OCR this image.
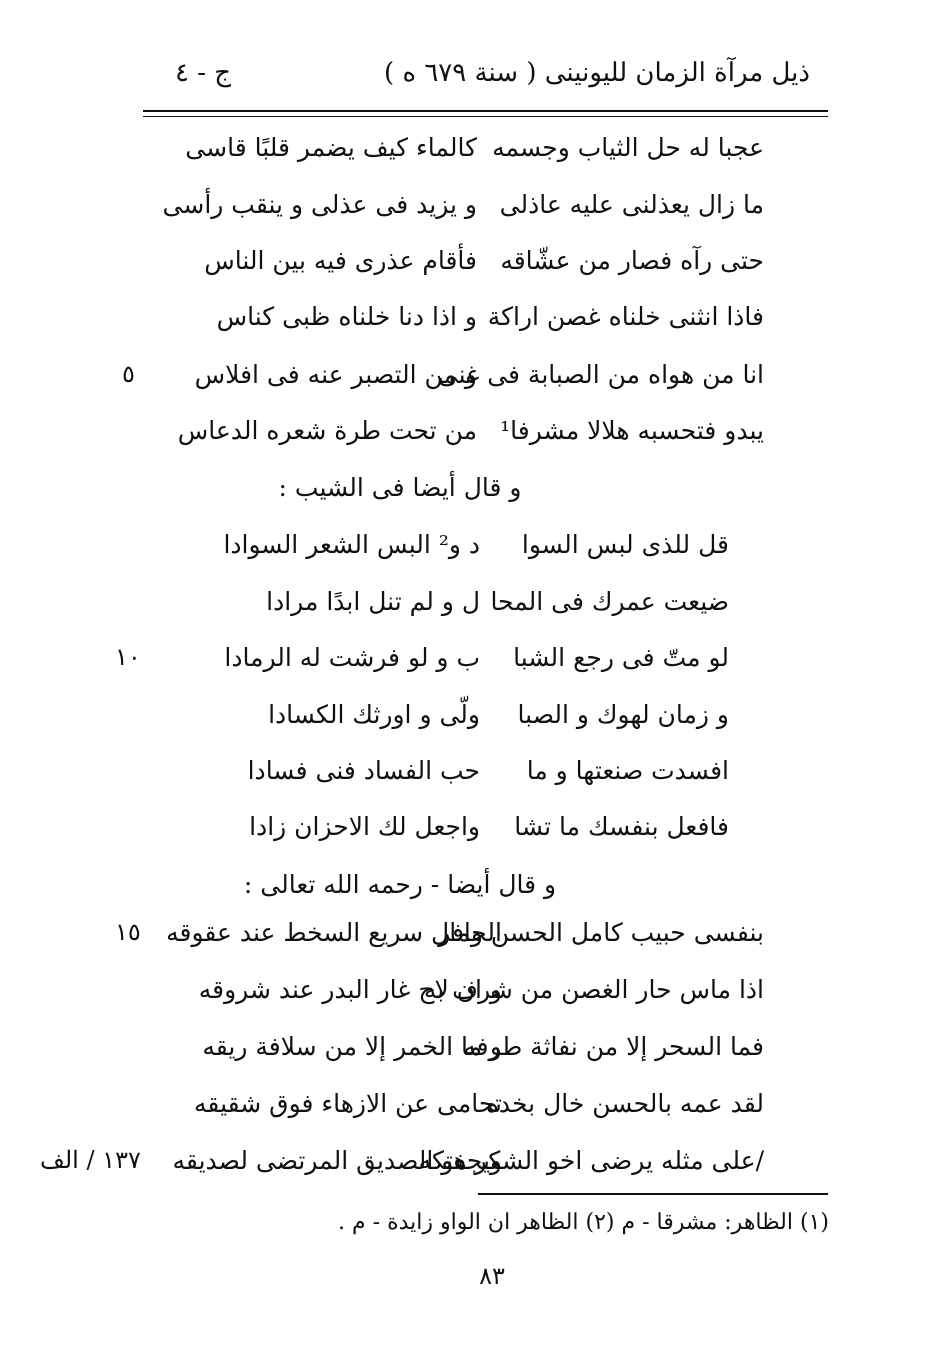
ذيل مرآة الزمان لليونينى ( سنة ٦٧٩ ه )
ج - ٤
عجبا له حل الثياب وجسمه
كالماء كيف يضمر قلبًا قاسى
ما زال يعذلنى عليه عاذلى
و يزيد فى عذلى و ينقب رأسى
حتى رآه فصار من عشّاقه
فأقام عذرى فيه بين الناس
فاذا انثنى خلناه غصن اراكة
و اذا دنا خلناه ظبى كناس
انا من هواه من الصبابة فى غنى
و من التصبر عنه فى افلاس
٥
يبدو فتحسبه هلالا مشرفا¹
من تحت طرة شعره الدعاس
و قال أيضا فى الشيب :
قل للذى لبس السوا
د و² البس الشعر السوادا
ضيعت عمرك فى المحا
ل و لم تنل ابدًا مرادا
لو متّ فى رجع الشبا
ب و لو فرشت له الرمادا
١٠
و زمان لهوك و الصبا
ولّى و اورثك الكسادا
افسدت صنعتها و ما
حب الفساد فنى فسادا
فافعل بنفسك ما تشا
واجعل لك الاحزان زادا
و قال أيضا - رحمه الله تعالى :
بنفسى حبيب كامل الحسن وافر
الجمال سريع السخط عند عقوقه
١٥
اذا ماس حار الغصن من شرف به
و ان لاح غار البدر عند شروقه
فما السحر إلا من نفاثة طرفه
و ما الخمر إلا من سلافة ريقه
لقد عمه بالحسن خال بخده
تحامى عن الازهاء فوق شقيقه
/على مثله يرضى اخو الشكر هتكه
ويجفو الصديق المرتضى لصديقه
١٣٧ / الف
(١) الظاهر: مشرقا - م (٢) الظاهر ان الواو زايدة - م .
٨٣
